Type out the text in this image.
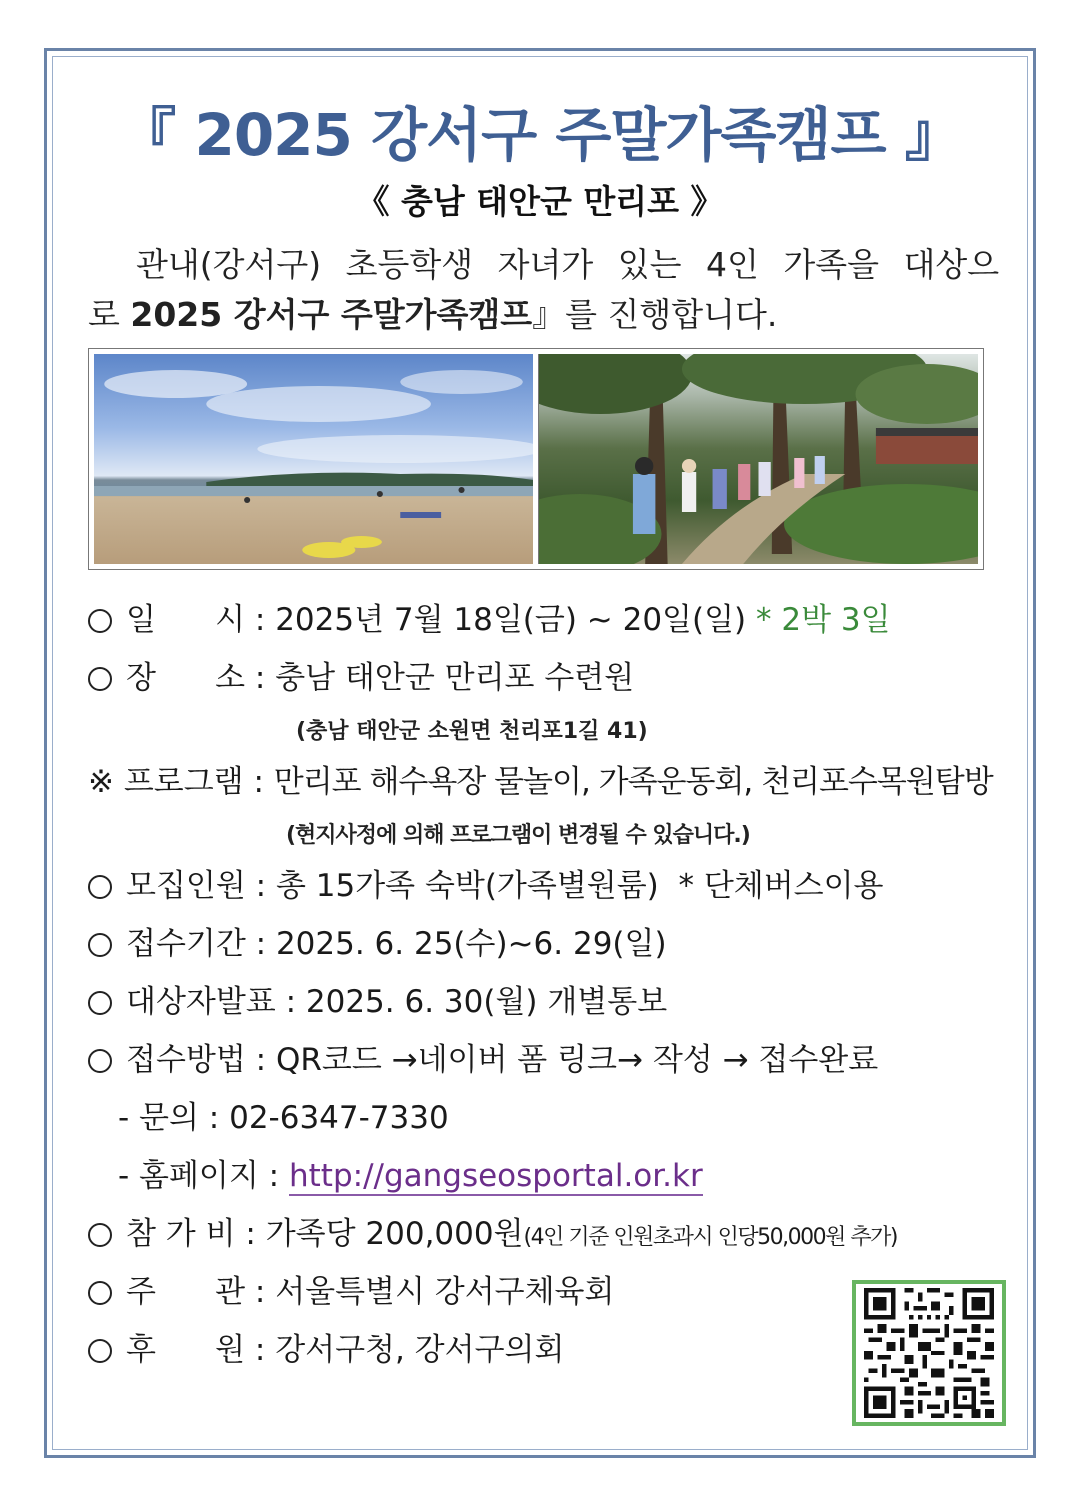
『 2025 강서구 주말가족캠프 』
《 충남 태안군 만리포 》
관내(강서구) 초등학생 자녀가 있는 4인 가족을 대상으
로 2025 강서구 주말가족캠프』를 진행합니다.
일      시 : 2025년 7월 18일(금) ~ 20일(일) * 2박 3일
장      소 : 충남 태안군 만리포 수련원
(충남 태안군 소원면 천리포1길 41)
※ 프로그램 : 만리포 해수욕장 물놀이, 가족운동회, 천리포수목원탐방
(현지사정에 의해 프로그램이 변경될 수 있습니다.)
모집인원 : 총 15가족 숙박(가족별원룸)  * 단체버스이용
접수기간 : 2025. 6. 25(수)~6. 29(일)
대상자발표 : 2025. 6. 30(월) 개별통보
접수방법 : QR코드 →네이버 폼 링크→ 작성 → 접수완료
- 문의 : 02-6347-7330
- 홈페이지 : http://gangseosportal.or.kr
참 가 비 : 가족당 200,000원(4인 기준 인원초과시 인당50,000원 추가)
주      관 : 서울특별시 강서구체육회
후      원 : 강서구청, 강서구의회
